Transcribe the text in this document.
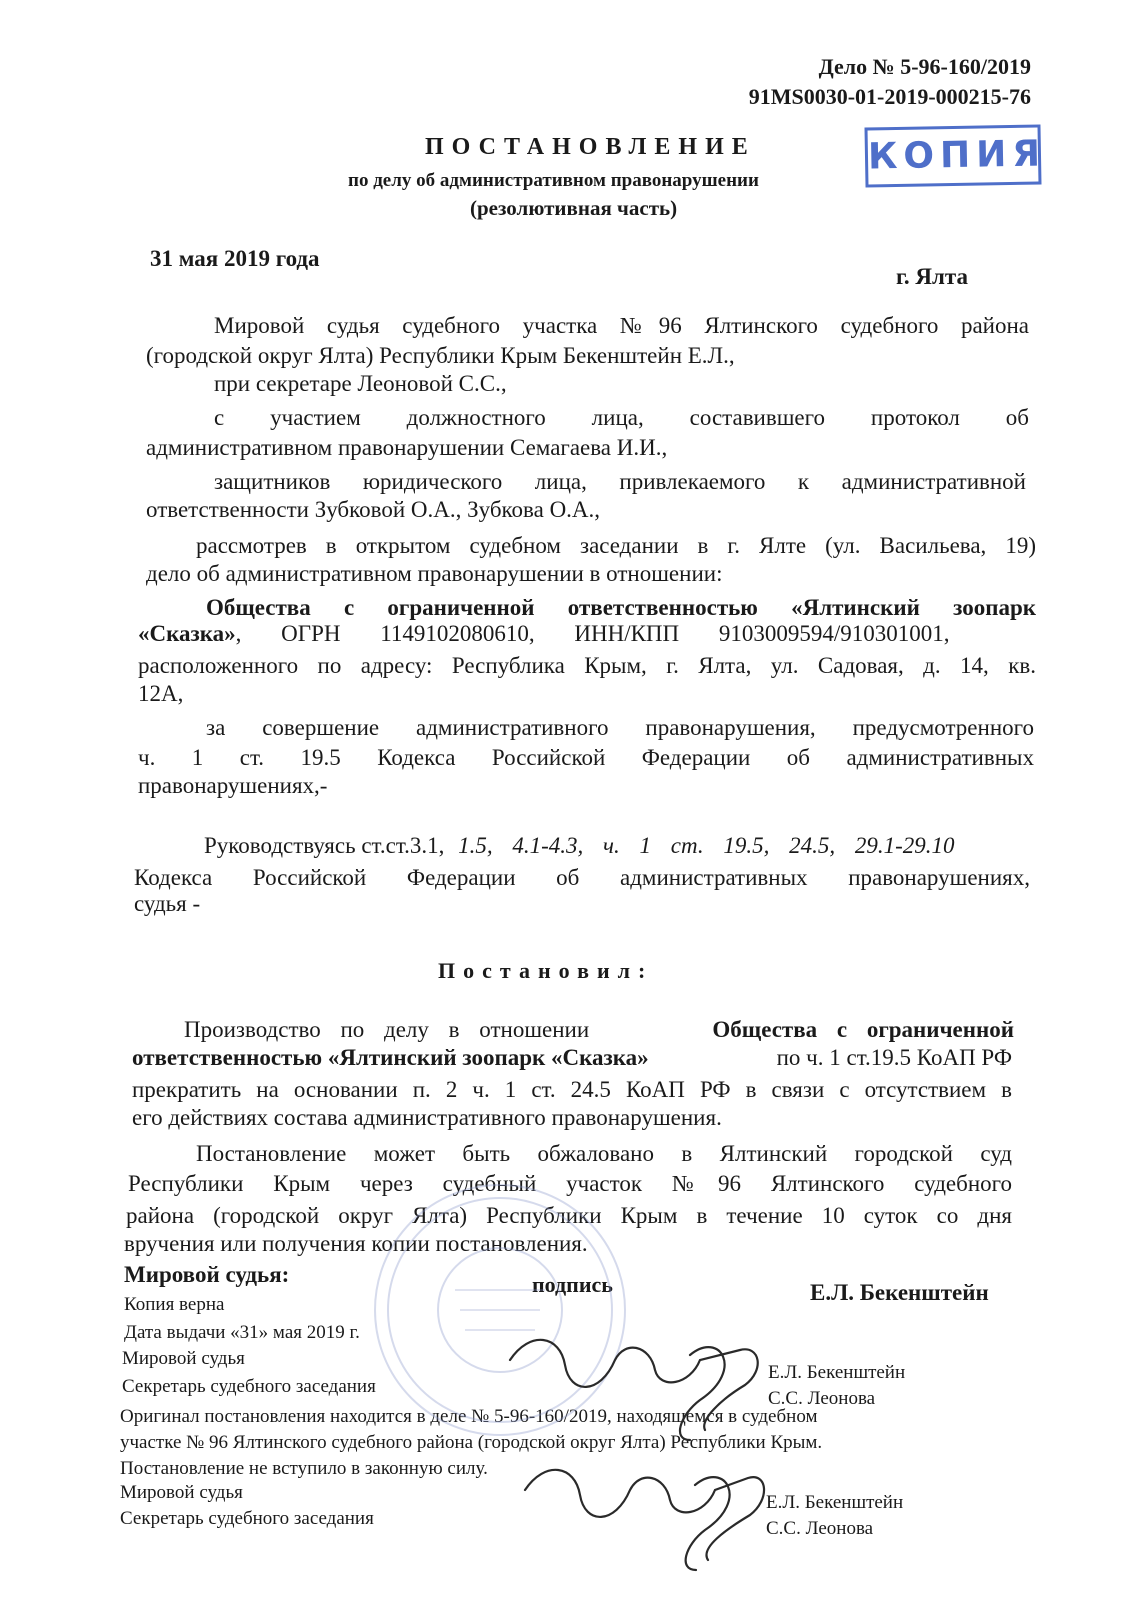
Дело № 5-96-160/2019
91MS0030-01-2019-000215-76
КОПИЯ
ПОСТАНОВЛЕНИЕ
по делу об административном правонарушении
(резолютивная часть)
31 мая 2019 года
г. Ялта
Мировой судья судебного участка №96 Ялтинского судебного района
(городской округ Ялта) Республики Крым Бекенштейн Е.Л.,
при секретаре Леоновой С.С.,
с участием должностного лица, составившего протокол об
административном правонарушении Семагаева И.И.,
защитников юридического лица, привлекаемого к административной
ответственности Зубковой О.А., Зубкова О.А.,
рассмотрев в открытом судебном заседании в г. Ялте (ул. Васильева, 19)
дело об административном правонарушении в отношении:
Общества с ограниченной ответственностью «Ялтинский зоопарк
«Сказка», ОГРН 1149102080610, ИНН/КПП 9103009594/910301001,
расположенного по адресу: Республика Крым, г. Ялта, ул. Садовая, д. 14, кв.
12А,
за совершение административного правонарушения, предусмотренного
ч. 1 ст. 19.5 Кодекса Российской Федерации об административных
правонарушениях,-
Руководствуясь ст.ст.3.1, 1.5, 4.1-4.3, ч. 1 ст. 19.5, 24.5, 29.1-29.10
Кодекса Российской Федерации об административных правонарушениях,
судья -
Постановил:
Производство по делу в отношении	Общества с ограниченной
ответственностью «Ялтинский зоопарк «Сказка»	по ч. 1 ст.19.5 КоАП РФ
прекратить на основании п. 2 ч. 1 ст. 24.5 КоАП РФ в связи с отсутствием в
его действиях состава административного правонарушения.
Постановление может быть обжаловано в Ялтинский городской суд
Республики Крым через судебный участок №96 Ялтинского судебного
района (городской округ Ялта) Республики Крым в течение 10 суток со дня
вручения или получения копии постановления.
Мировой судья:	подпись	Е.Л. Бекенштейн
Копия верна
Дата выдачи «31» мая 2019 г.
Мировой судья
Секретарь судебного заседания
Е.Л. Бекенштейн
С.С. Леонова
Оригинал постановления находится в деле № 5-96-160/2019, находящемся в судебном
участке № 96 Ялтинского судебного района (городской округ Ялта) Республики Крым.
Постановление не вступило в законную силу.
Мировой судья
Секретарь судебного заседания
Е.Л. Бекенштейн
С.С. Леонова
